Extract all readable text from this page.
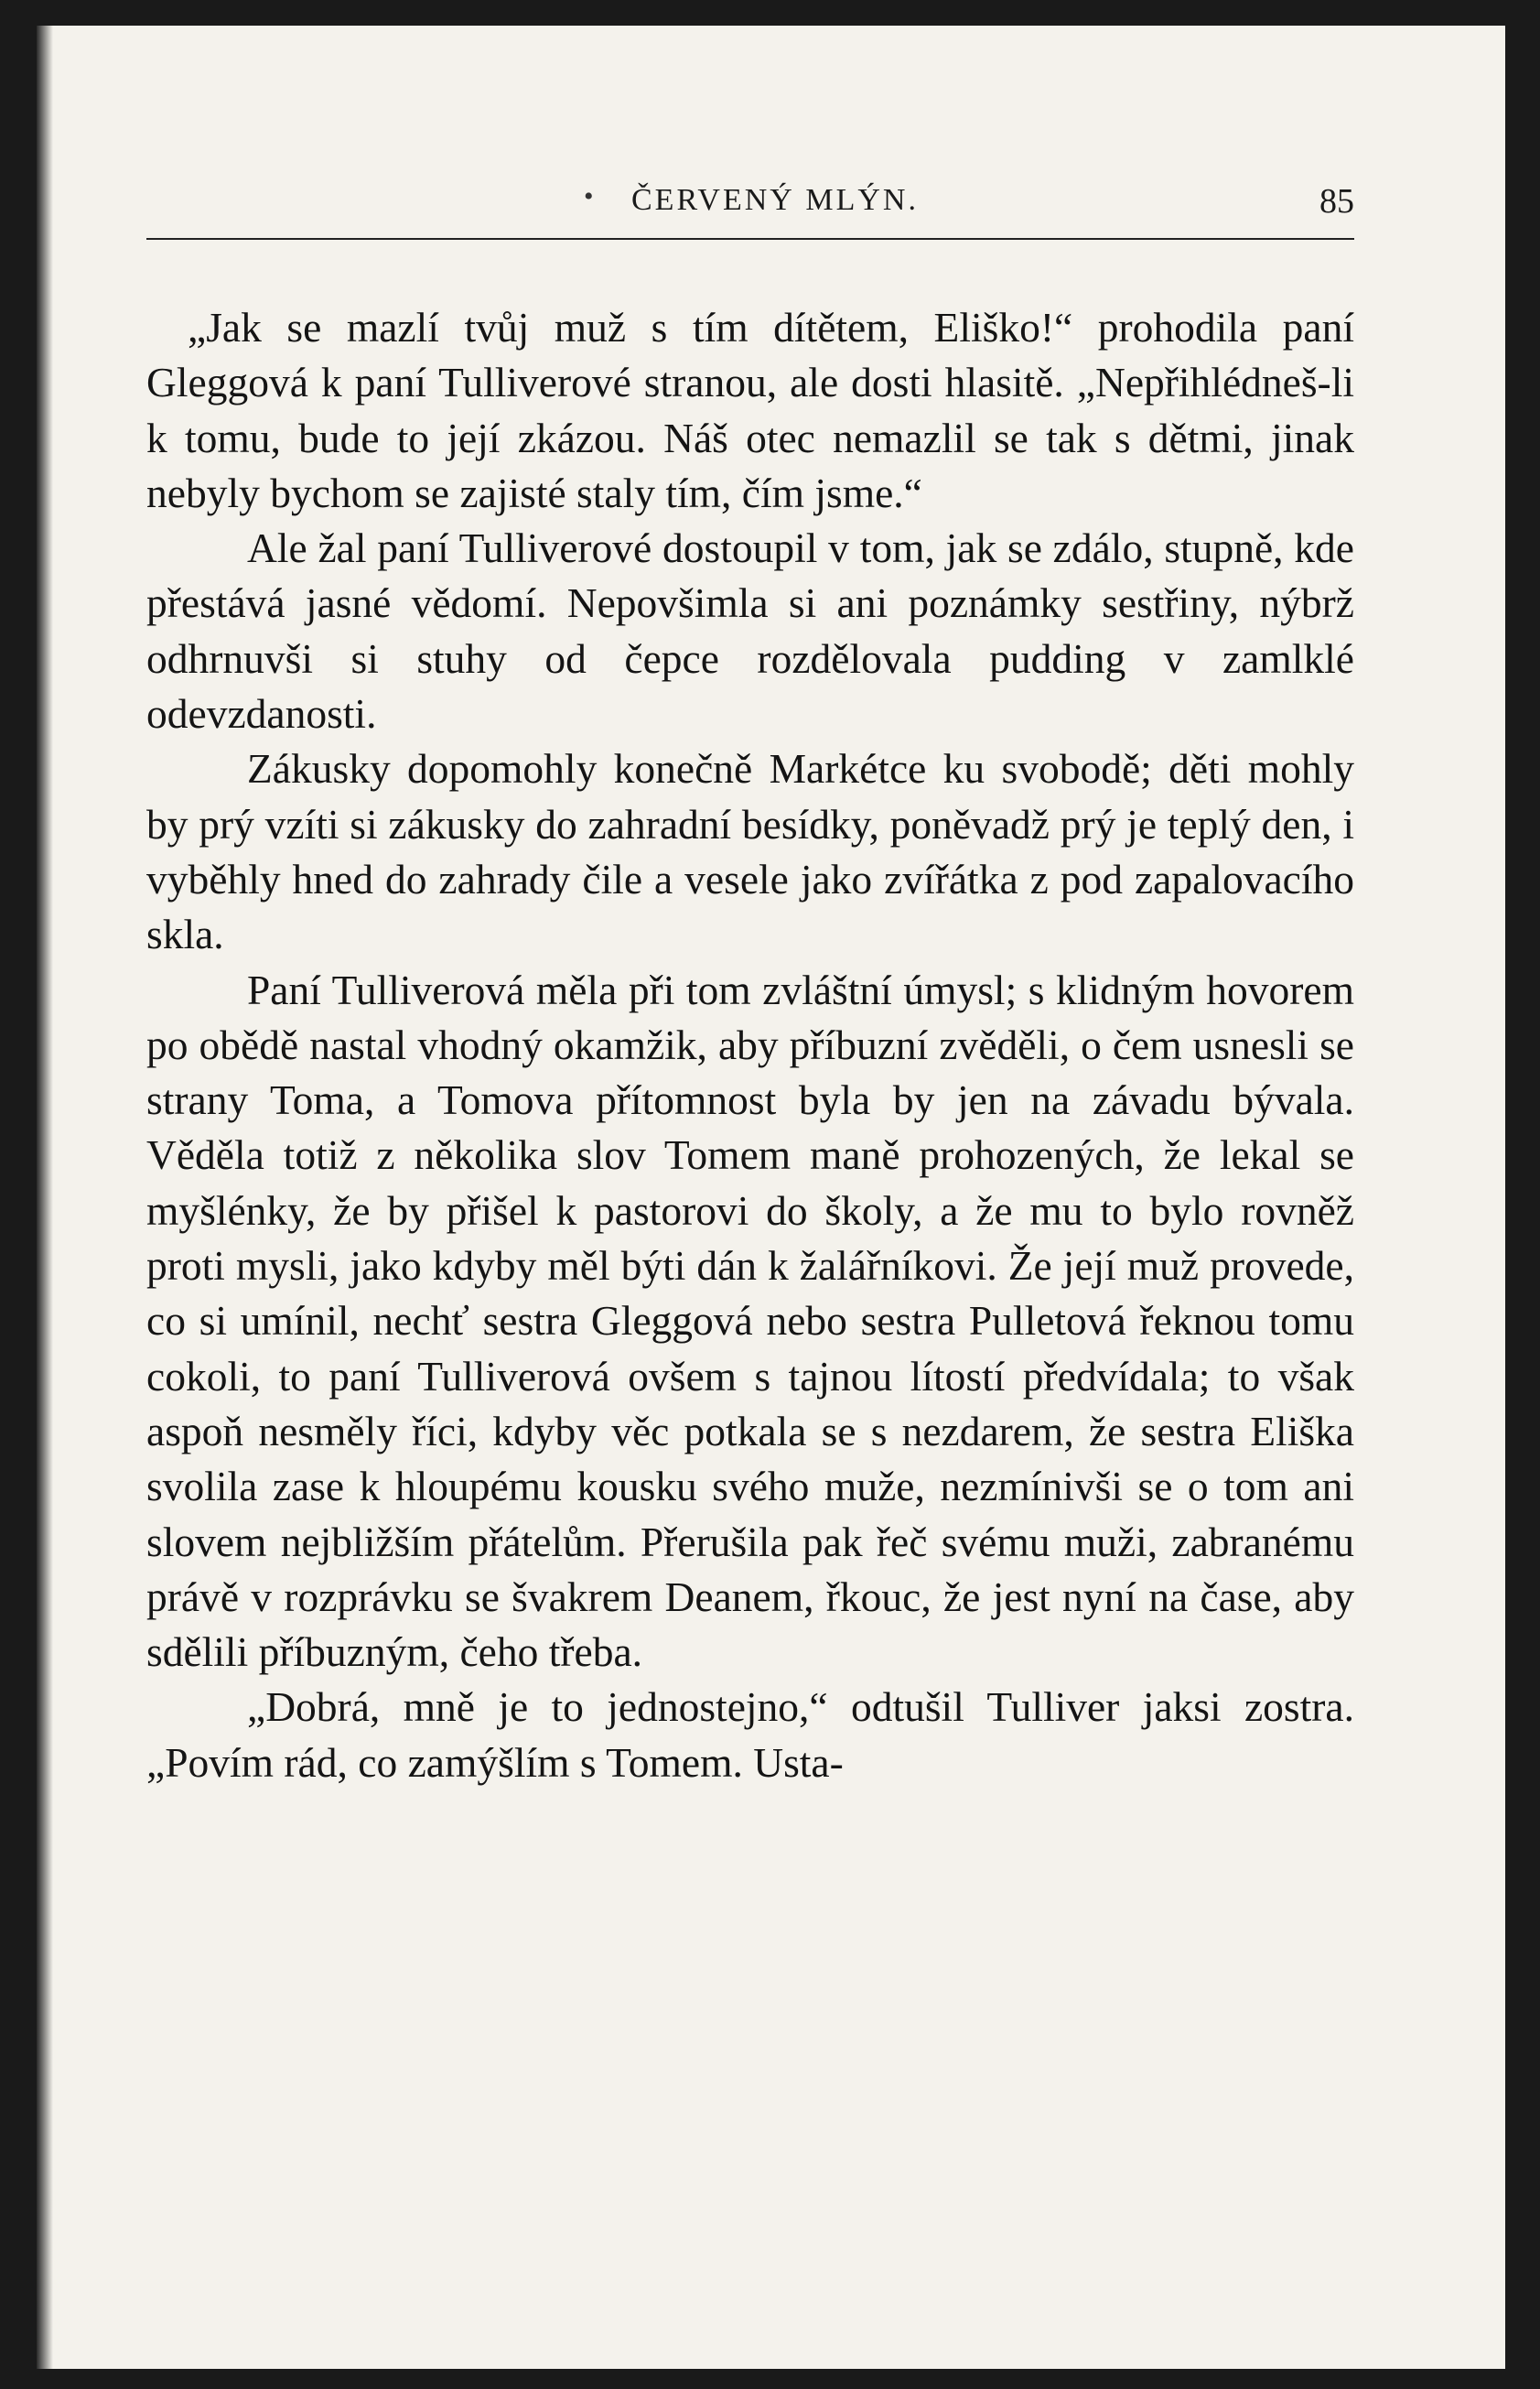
• ČERVENÝ MLÝN.	85

„Jak se mazlí tvůj muž s tím dítětem, Eliško!“ prohodila paní Gleggová k paní Tulliverové stranou, ale dosti hlasitě. „Nepřihlédneš-li k tomu, bude to její zkázou. Náš otec nemazlil se tak s dětmi, jinak nebyly bychom se zajisté staly tím, čím jsme.“

Ale žal paní Tulliverové dostoupil v tom, jak se zdálo, stupně, kde přestává jasné vědomí. Nepovšimla si ani poznámky sestřiny, nýbrž odhrnuvši si stuhy od čepce rozdělovala pudding v zamlklé odevzdanosti.

Zákusky dopomohly konečně Markétce ku svobodě; děti mohly by prý vzíti si zákusky do zahradní besídky, poněvadž prý je teplý den, i vyběhly hned do zahrady čile a vesele jako zvířátka z pod zapalovacího skla.

Paní Tulliverová měla při tom zvláštní úmysl; s klidným hovorem po obědě nastal vhodný okamžik, aby příbuzní zvěděli, o čem usnesli se strany Toma, a Tomova přítomnost byla by jen na závadu bývala. Věděla totiž z několika slov Tomem maně prohozených, že lekal se myšlénky, že by přišel k pastorovi do školy, a že mu to bylo rovněž proti mysli, jako kdyby měl býti dán k žalářníkovi. Že její muž provede, co si umínil, nechť sestra Gleggová nebo sestra Pulletová řeknou tomu cokoli, to paní Tulliverová ovšem s tajnou lítostí předvídala; to však aspoň nesměly říci, kdyby věc potkala se s nezdarem, že sestra Eliška svolila zase k hloupému kousku svého muže, nezmínivši se o tom ani slovem nejbližším přátelům. Přerušila pak řeč svému muži, zabranému právě v rozprávku se švakrem Deanem, řkouc, že jest nyní na čase, aby sdělili příbuzným, čeho třeba.

„Dobrá, mně je to jednostejno,“ odtušil Tulliver jaksi zostra. „Povím rád, co zamýšlím s Tomem. Usta-
